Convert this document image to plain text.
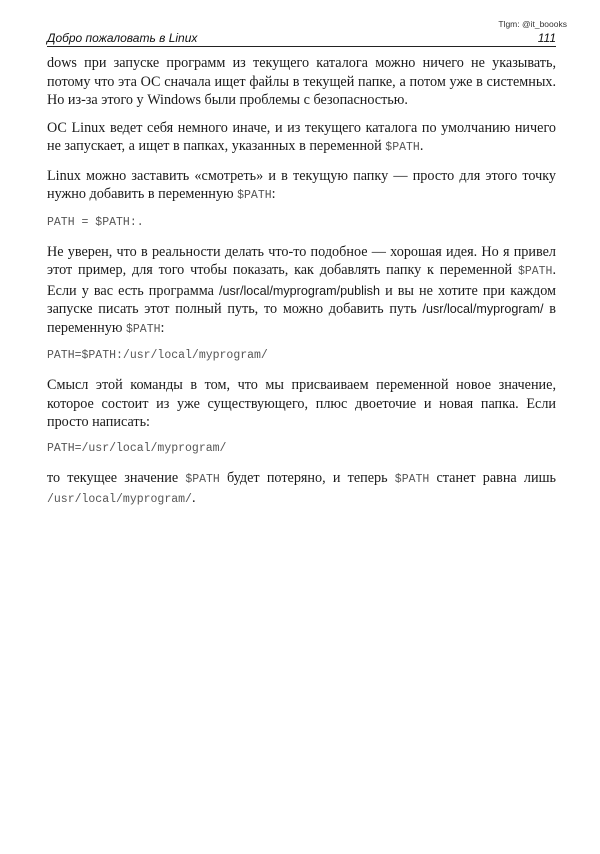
Tlgm: @it_boooks
Добро пожаловать в Linux	111

dows при запуске программ из текущего каталога можно ничего не указывать, потому что эта ОС сначала ищет файлы в текущей папке, а потом уже в системных. Но из-за этого у Windows были проблемы с безопасностью.

ОС Linux ведет себя немного иначе, и из текущего каталога по умолчанию ничего не запускает, а ищет в папках, указанных в переменной $PATH.

Linux можно заставить «смотреть» и в текущую папку — просто для этого точку нужно добавить в переменную $PATH:

PATH = $PATH:.

Не уверен, что в реальности делать что-то подобное — хорошая идея. Но я привел этот пример, для того чтобы показать, как добавлять папку к переменной $PATH. Если у вас есть программа /usr/local/myprogram/publish и вы не хотите при каждом запуске писать этот полный путь, то можно добавить путь /usr/local/myprogram/ в переменную $PATH:

PATH=$PATH:/usr/local/myprogram/

Смысл этой команды в том, что мы присваиваем переменной новое значение, которое состоит из уже существующего, плюс двоеточие и новая папка. Если просто написать:

PATH=/usr/local/myprogram/

то текущее значение $PATH будет потеряно, и теперь $PATH станет равна лишь /usr/local/myprogram/.
